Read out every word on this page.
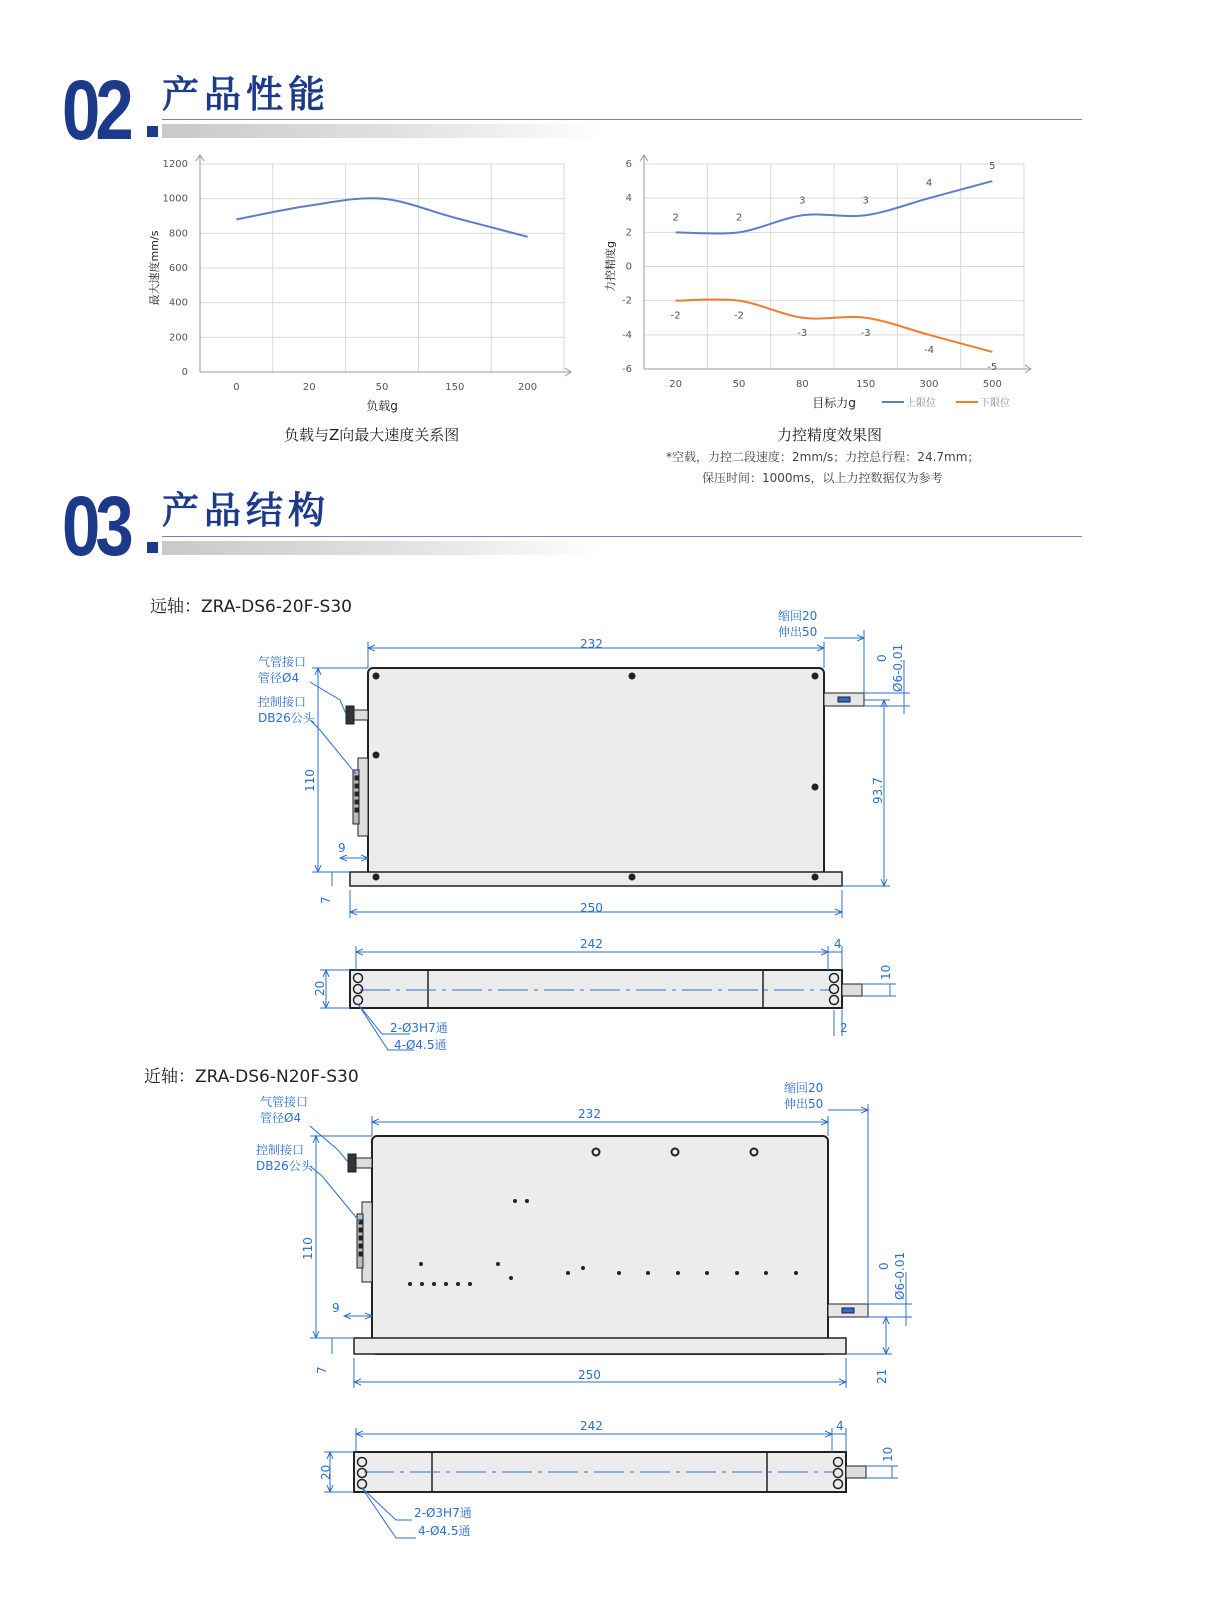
02 产品性能
0
200
400
600
800
1000
1200
0	20	50	150	200
负载g
最大速度mm/s
负载与Z向最大速度关系图
-6
-4
-2
0
2
4
6
20	50	80	150	300	500
2	2
3	3
4
5
-2	-2
-3	-3
-4
-5
目标力g
力控精度g
上限位	下限位
力控精度效果图
*空载，力控二段速度：2mm/s；力控总行程：24.7mm；
保压时间：1000ms，以上力控数据仅为参考
03 产品结构
远轴：ZRA-DS6-20F-S30
232
250
110
9
7
93.7
Ø6-0.01
0
缩回20
伸出50
气管接口
管径Ø4
控制接口
DB26公头
242	4
20
10
2
2-Ø3H7通
4-Ø4.5通
近轴：ZRA-DS6-N20F-S30
232
250
110
9
7	21
Ø6-0.01
0
缩回20
伸出50
气管接口
管径Ø4
控制接口
DB26公头
242	4
20
10
2-Ø3H7通
4-Ø4.5通
